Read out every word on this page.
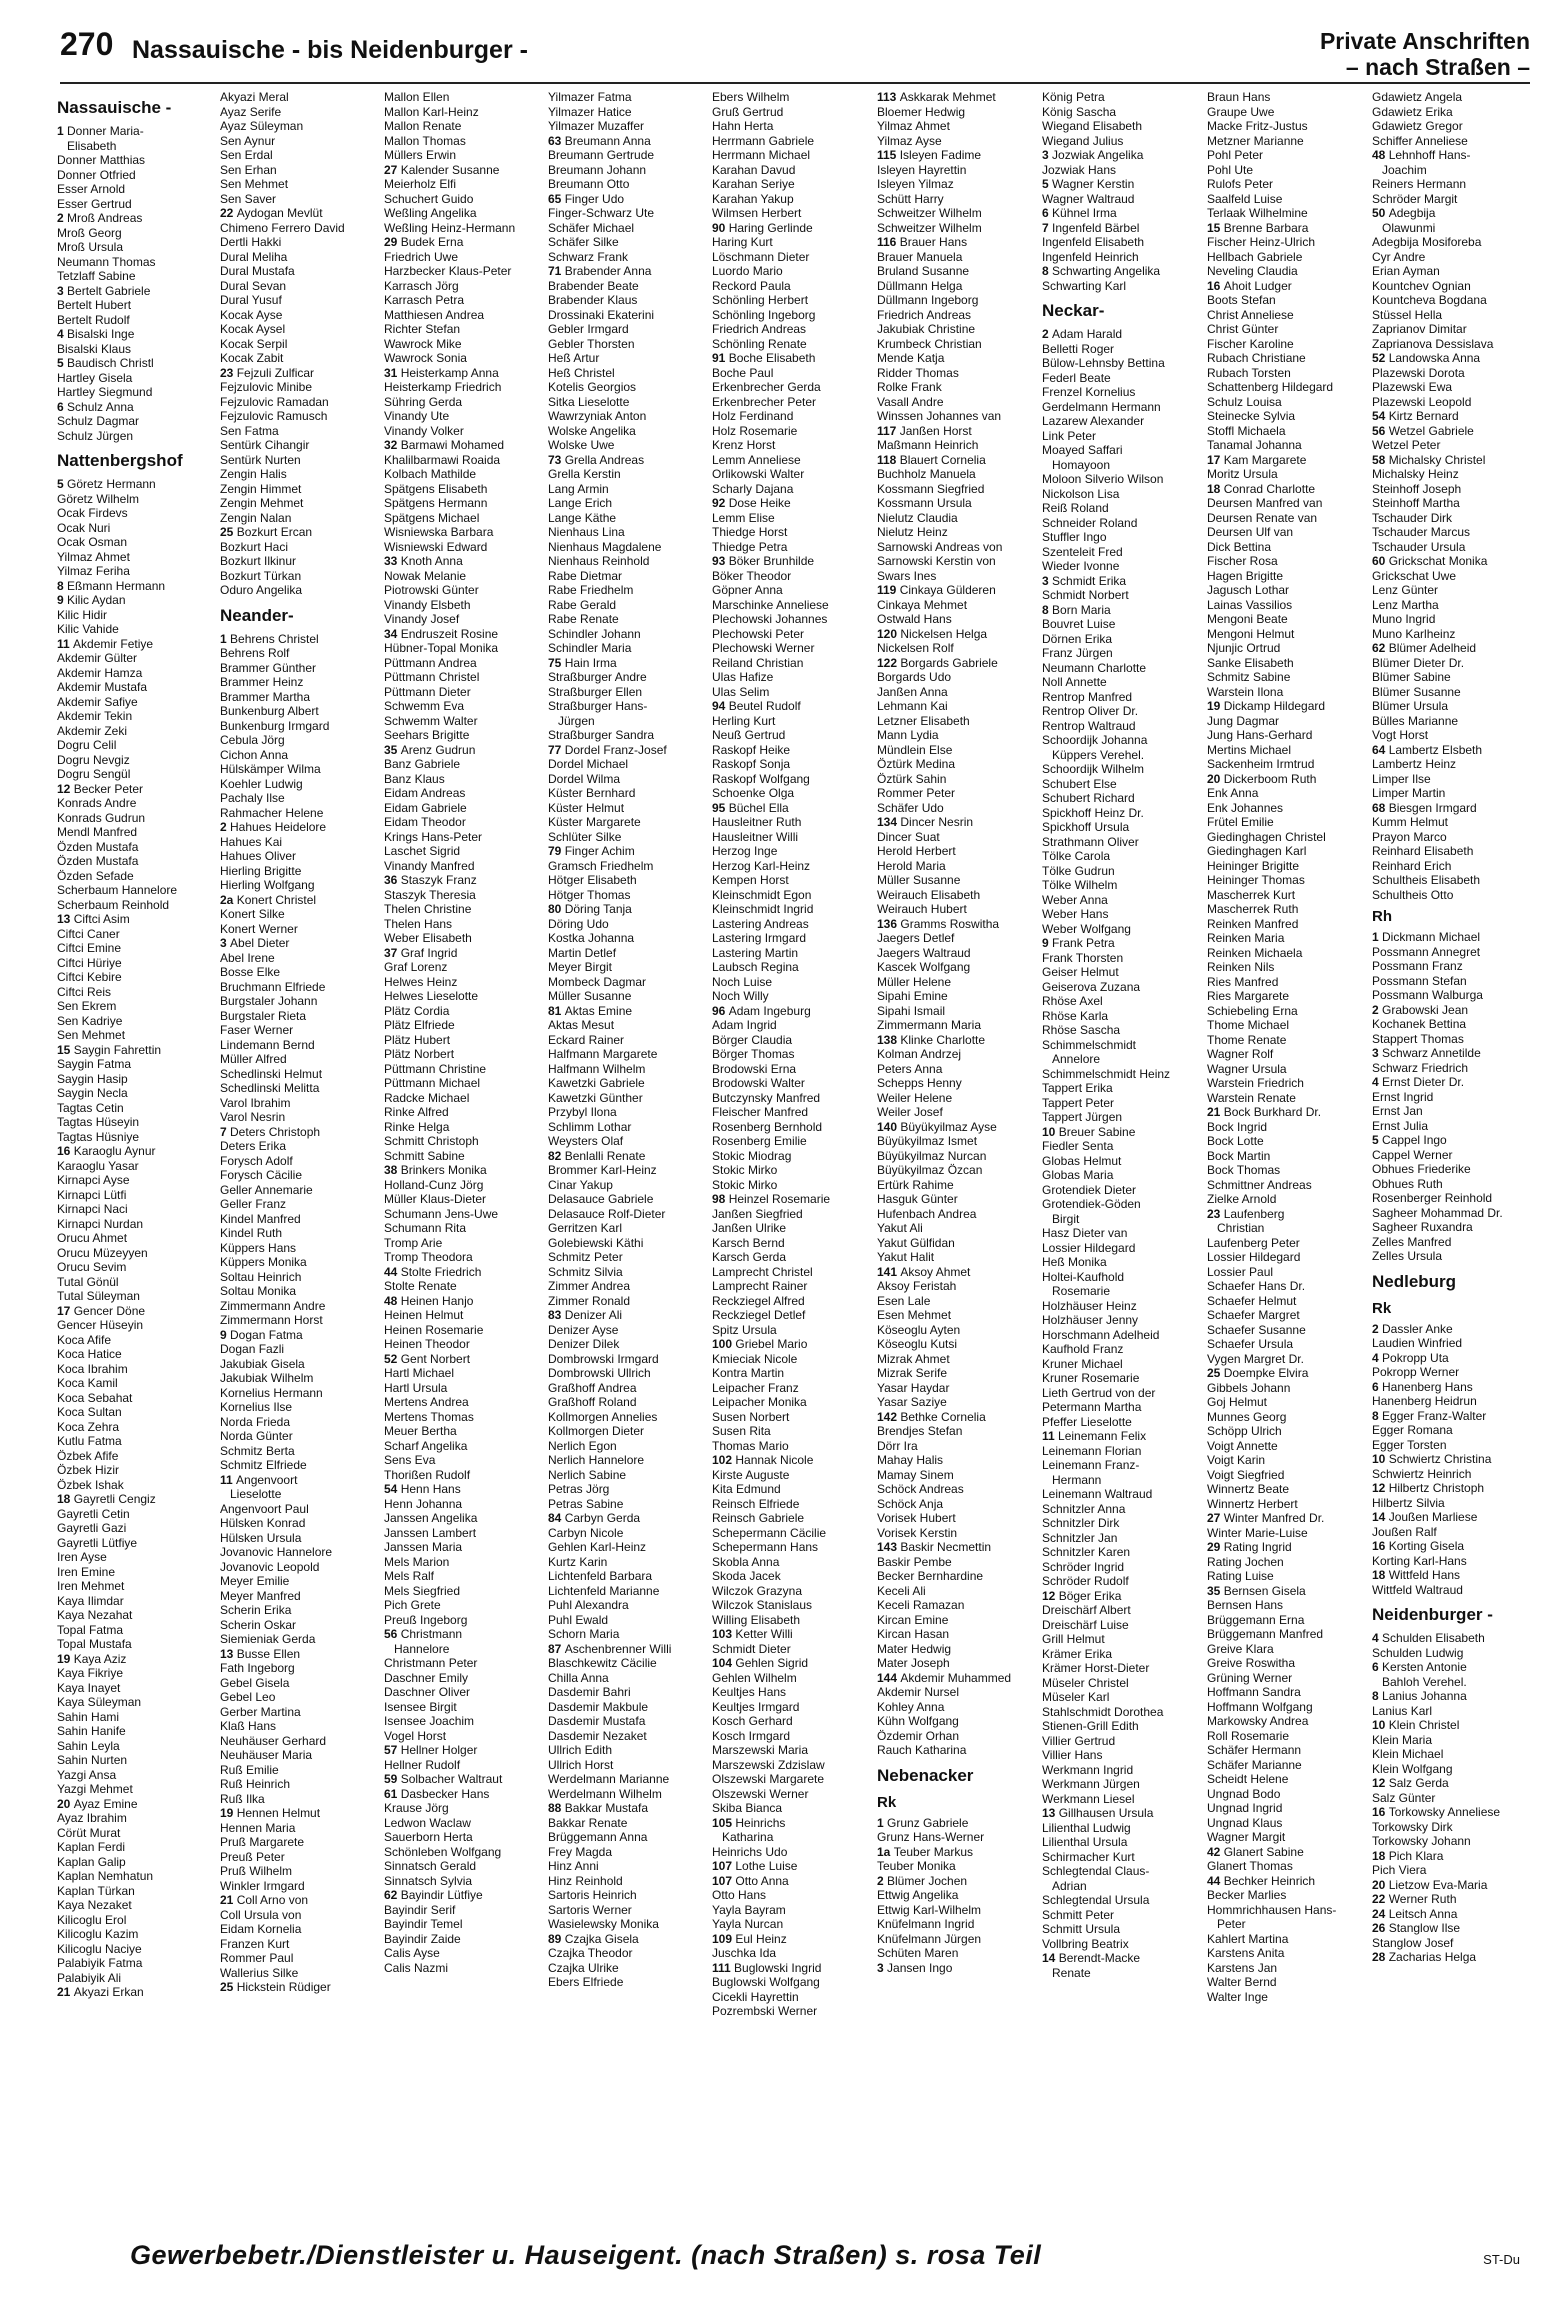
270 Nassauische - bis Neidenburger -	Private Anschriften
– nach Straßen –
Nassauische -
1 Donner Maria-
Elisabeth
Donner Matthias
Donner Otfried
Esser Arnold
Esser Gertrud
2 Mroß Andreas
Mroß Georg
Mroß Ursula
Neumann Thomas
Tetzlaff Sabine
3 Bertelt Gabriele
Bertelt Hubert
Bertelt Rudolf
4 Bisalski Inge
Bisalski Klaus
5 Baudisch Christl
Hartley Gisela
Hartley Siegmund
6 Schulz Anna
Schulz Dagmar
Schulz Jürgen
Nattenbergshof
5 Göretz Hermann
Göretz Wilhelm
Ocak Firdevs
Ocak Nuri
Ocak Osman
Yilmaz Ahmet
Yilmaz Feriha
8 Eßmann Hermann
9 Kilic Aydan
Kilic Hidir
Kilic Vahide
11 Akdemir Fetiye
Akdemir Gülter
Akdemir Hamza
Akdemir Mustafa
Akdemir Safiye
Akdemir Tekin
Akdemir Zeki
Dogru Celil
Dogru Nevgiz
Dogru Sengül
12 Becker Peter
Konrads Andre
Konrads Gudrun
Mendl Manfred
Özden Mustafa
Özden Mustafa
Özden Sefade
Scherbaum Hannelore
Scherbaum Reinhold
13 Ciftci Asim
Ciftci Caner
Ciftci Emine
Ciftci Hüriye
Ciftci Kebire
Ciftci Reis
Sen Ekrem
Sen Kadriye
Sen Mehmet
15 Saygin Fahrettin
Saygin Fatma
Saygin Hasip
Saygin Necla
Tagtas Cetin
Tagtas Hüseyin
Tagtas Hüsniye
16 Karaoglu Aynur
Karaoglu Yasar
Kirnapci Ayse
Kirnapci Lütfi
Kirnapci Naci
Kirnapci Nurdan
Orucu Ahmet
Orucu Müzeyyen
Orucu Sevim
Tutal Gönül
Tutal Süleyman
17 Gencer Döne
Gencer Hüseyin
Koca Afife
Koca Hatice
Koca Ibrahim
Koca Kamil
Koca Sebahat
Koca Sultan
Koca Zehra
Kutlu Fatma
Özbek Afife
Özbek Hizir
Özbek Ishak
18 Gayretli Cengiz
Gayretli Cetin
Gayretli Gazi
Gayretli Lütfiye
Iren Ayse
Iren Emine
Iren Mehmet
Kaya Ilimdar
Kaya Nezahat
Topal Fatma
Topal Mustafa
19 Kaya Aziz
Kaya Fikriye
Kaya Inayet
Kaya Süleyman
Sahin Hami
Sahin Hanife
Sahin Leyla
Sahin Nurten
Yazgi Ansa
Yazgi Mehmet
20 Ayaz Emine
Ayaz Ibrahim
Cörüt Murat
Kaplan Ferdi
Kaplan Galip
Kaplan Nemhatun
Kaplan Türkan
Kaya Nezaket
Kilicoglu Erol
Kilicoglu Kazim
Kilicoglu Naciye
Palabiyik Fatma
Palabiyik Ali
21 Akyazi Erkan
Akyazi Meral
Ayaz Serife
Ayaz Süleyman
Sen Aynur
Sen Erdal
Sen Erhan
Sen Mehmet
Sen Saver
22 Aydogan Mevlüt
Chimeno Ferrero David
Dertli Hakki
Dural Meliha
Dural Mustafa
Dural Sevan
Dural Yusuf
Kocak Ayse
Kocak Aysel
Kocak Serpil
Kocak Zabit
23 Fejzuli Zulficar
Fejzulovic Minibe
Fejzulovic Ramadan
Fejzulovic Ramusch
Sen Fatma
Sentürk Cihangir
Sentürk Nurten
Zengin Halis
Zengin Himmet
Zengin Mehmet
Zengin Nalan
25 Bozkurt Ercan
Bozkurt Haci
Bozkurt Ilkinur
Bozkurt Türkan
Oduro Angelika
Neander-
1 Behrens Christel
Behrens Rolf
Brammer Günther
Brammer Heinz
Brammer Martha
Bunkenburg Albert
Bunkenburg Irmgard
Cebula Jörg
Cichon Anna
Hülskämper Wilma
Koehler Ludwig
Pachaly Ilse
Rahmacher Helene
2 Hahues Heidelore
Hahues Kai
Hahues Oliver
Hierling Brigitte
Hierling Wolfgang
2a Konert Christel
Konert Silke
Konert Werner
3 Abel Dieter
Abel Irene
Bosse Elke
Bruchmann Elfriede
Burgstaler Johann
Burgstaler Rieta
Faser Werner
Lindemann Bernd
Müller Alfred
Schedlinski Helmut
Schedlinski Melitta
Varol Ibrahim
Varol Nesrin
7 Deters Christoph
Deters Erika
Forysch Adolf
Forysch Cäcilie
Geller Annemarie
Geller Franz
Kindel Manfred
Kindel Ruth
Küppers Hans
Küppers Monika
Soltau Heinrich
Soltau Monika
Zimmermann Andre
Zimmermann Horst
9 Dogan Fatma
Dogan Fazli
Jakubiak Gisela
Jakubiak Wilhelm
Kornelius Hermann
Kornelius Ilse
Norda Frieda
Norda Günter
Schmitz Berta
Schmitz Elfriede
11 Angenvoort
Lieselotte
Angenvoort Paul
Hülsken Konrad
Hülsken Ursula
Jovanovic Hannelore
Jovanovic Leopold
Meyer Emilie
Meyer Manfred
Scherin Erika
Scherin Oskar
Siemieniak Gerda
13 Busse Ellen
Fath Ingeborg
Gebel Gisela
Gebel Leo
Gerber Martina
Klaß Hans
Neuhäuser Gerhard
Neuhäuser Maria
Ruß Emilie
Ruß Heinrich
Ruß Ilka
19 Hennen Helmut
Hennen Maria
Pruß Margarete
Preuß Peter
Pruß Wilhelm
Winkler Irmgard
21 Coll Arno von
Coll Ursula von
Eidam Kornelia
Franzen Kurt
Rommer Paul
Wallerius Silke
25 Hickstein Rüdiger
Mallon Ellen
Mallon Karl-Heinz
Mallon Renate
Mallon Thomas
Müllers Erwin
27 Kalender Susanne
Meierholz Elfi
Schuchert Guido
Weßling Angelika
Weßling Heinz-Hermann
29 Budek Erna
Friedrich Uwe
Harzbecker Klaus-Peter
Karrasch Jörg
Karrasch Petra
Matthiesen Andrea
Richter Stefan
Wawrock Mike
Wawrock Sonia
31 Heisterkamp Anna
Heisterkamp Friedrich
Sühring Gerda
Vinandy Ute
Vinandy Volker
32 Barmawi Mohamed
Khalilbarmawi Roaida
Kolbach Mathilde
Spätgens Elisabeth
Spätgens Hermann
Spätgens Michael
Wisniewska Barbara
Wisniewski Edward
33 Knoth Anna
Nowak Melanie
Piotrowski Günter
Vinandy Elsbeth
Vinandy Josef
34 Endruszeit Rosine
Hübner-Topal Monika
Püttmann Andrea
Püttmann Christel
Püttmann Dieter
Schwemm Eva
Schwemm Walter
Seehars Brigitte
35 Arenz Gudrun
Banz Gabriele
Banz Klaus
Eidam Andreas
Eidam Gabriele
Eidam Theodor
Krings Hans-Peter
Laschet Sigrid
Vinandy Manfred
36 Staszyk Franz
Staszyk Theresia
Thelen Christine
Thelen Hans
Weber Elisabeth
37 Graf Ingrid
Graf Lorenz
Helwes Heinz
Helwes Lieselotte
Plätz Cordia
Plätz Elfriede
Plätz Hubert
Plätz Norbert
Püttmann Christine
Püttmann Michael
Radcke Michael
Rinke Alfred
Rinke Helga
Schmitt Christoph
Schmitt Sabine
38 Brinkers Monika
Holland-Cunz Jörg
Müller Klaus-Dieter
Schumann Jens-Uwe
Schumann Rita
Tromp Arie
Tromp Theodora
44 Stolte Friedrich
Stolte Renate
48 Heinen Hanjo
Heinen Helmut
Heinen Rosemarie
Heinen Theodor
52 Gent Norbert
Hartl Michael
Hartl Ursula
Mertens Andrea
Mertens Thomas
Meuer Bertha
Scharf Angelika
Sens Eva
Thorißen Rudolf
54 Henn Hans
Henn Johanna
Janssen Angelika
Janssen Lambert
Janssen Maria
Mels Marion
Mels Ralf
Mels Siegfried
Pich Grete
Preuß Ingeborg
56 Christmann
Hannelore
Christmann Peter
Daschner Emily
Daschner Oliver
Isensee Birgit
Isensee Joachim
Vogel Horst
57 Hellner Holger
Hellner Rudolf
59 Solbacher Waltraut
61 Dasbecker Hans
Krause Jörg
Ledwon Waclaw
Sauerborn Herta
Schönleben Wolfgang
Sinnatsch Gerald
Sinnatsch Sylvia
62 Bayindir Lütfiye
Bayindir Serif
Bayindir Temel
Bayindir Zaide
Calis Ayse
Calis Nazmi
Yilmazer Fatma
Yilmazer Hatice
Yilmazer Muzaffer
63 Breumann Anna
Breumann Gertrude
Breumann Johann
Breumann Otto
65 Finger Udo
Finger-Schwarz Ute
Schäfer Michael
Schäfer Silke
Schwarz Frank
71 Brabender Anna
Brabender Beate
Brabender Klaus
Drossinaki Ekaterini
Gebler Irmgard
Gebler Thorsten
Heß Artur
Heß Christel
Kotelis Georgios
Sitka Lieselotte
Wawrzyniak Anton
Wolske Angelika
Wolske Uwe
73 Grella Andreas
Grella Kerstin
Lang Armin
Lange Erich
Lange Käthe
Nienhaus Lina
Nienhaus Magdalene
Nienhaus Reinhold
Rabe Dietmar
Rabe Friedhelm
Rabe Gerald
Rabe Renate
Schindler Johann
Schindler Maria
75 Hain Irma
Straßburger Andre
Straßburger Ellen
Straßburger Hans-
Jürgen
Straßburger Sandra
77 Dordel Franz-Josef
Dordel Michael
Dordel Wilma
Küster Bernhard
Küster Helmut
Küster Margarete
Schlüter Silke
79 Finger Achim
Gramsch Friedhelm
Hötger Elisabeth
Hötger Thomas
80 Döring Tanja
Döring Udo
Kostka Johanna
Martin Detlef
Meyer Birgit
Mombeck Dagmar
Müller Susanne
81 Aktas Emine
Aktas Mesut
Eckard Rainer
Halfmann Margarete
Halfmann Wilhelm
Kawetzki Gabriele
Kawetzki Günther
Przybyl Ilona
Schlimm Lothar
Weysters Olaf
82 Benlalli Renate
Brommer Karl-Heinz
Cinar Yakup
Delasauce Gabriele
Delasauce Rolf-Dieter
Gerritzen Karl
Golebiewski Käthi
Schmitz Peter
Schmitz Silvia
Zimmer Andrea
Zimmer Ronald
83 Denizer Ali
Denizer Ayse
Denizer Dilek
Dombrowski Irmgard
Dombrowski Ullrich
Graßhoff Andrea
Graßhoff Roland
Kollmorgen Annelies
Kollmorgen Dieter
Nerlich Egon
Nerlich Hannelore
Nerlich Sabine
Petras Jörg
Petras Sabine
84 Carbyn Gerda
Carbyn Nicole
Gehlen Karl-Heinz
Kurtz Karin
Lichtenfeld Barbara
Lichtenfeld Marianne
Puhl Alexandra
Puhl Ewald
Schorn Maria
87 Aschenbrenner Willi
Blaschkewitz Cäcilie
Chilla Anna
Dasdemir Bahri
Dasdemir Makbule
Dasdemir Mustafa
Dasdemir Nezaket
Ullrich Edith
Ullrich Horst
Werdelmann Marianne
Werdelmann Wilhelm
88 Bakkar Mustafa
Bakkar Renate
Brüggemann Anna
Frey Magda
Hinz Anni
Hinz Reinhold
Sartoris Heinrich
Sartoris Werner
Wasielewsky Monika
89 Czajka Gisela
Czajka Theodor
Czajka Ulrike
Ebers Elfriede
Ebers Wilhelm
Gruß Gertrud
Hahn Herta
Herrmann Gabriele
Herrmann Michael
Karahan Davud
Karahan Seriye
Karahan Yakup
Wilmsen Herbert
90 Haring Gerlinde
Haring Kurt
Löschmann Dieter
Luordo Mario
Reckord Paula
Schönling Herbert
Schönling Ingeborg
Friedrich Andreas
Schönling Renate
91 Boche Elisabeth
Boche Paul
Erkenbrecher Gerda
Erkenbrecher Peter
Holz Ferdinand
Holz Rosemarie
Krenz Horst
Lemm Anneliese
Orlikowski Walter
Scharly Dajana
92 Dose Heike
Lemm Elise
Thiedge Horst
Thiedge Petra
93 Böker Brunhilde
Böker Theodor
Göpner Anna
Marschinke Anneliese
Plechowski Johannes
Plechowski Peter
Plechowski Werner
Reiland Christian
Ulas Hafize
Ulas Selim
94 Beutel Rudolf
Herling Kurt
Neuß Gertrud
Raskopf Heike
Raskopf Sonja
Raskopf Wolfgang
Schoenke Olga
95 Büchel Ella
Hausleitner Ruth
Hausleitner Willi
Herzog Inge
Herzog Karl-Heinz
Kempen Horst
Kleinschmidt Egon
Kleinschmidt Ingrid
Lastering Andreas
Lastering Irmgard
Lastering Martin
Laubsch Regina
Noch Luise
Noch Willy
96 Adam Ingeburg
Adam Ingrid
Börger Claudia
Börger Thomas
Brodowski Erna
Brodowski Walter
Butczynsky Manfred
Fleischer Manfred
Rosenberg Bernhold
Rosenberg Emilie
Stokic Miodrag
Stokic Mirko
Stokic Mirko
98 Heinzel Rosemarie
Janßen Siegfried
Janßen Ulrike
Karsch Bernd
Karsch Gerda
Lamprecht Christel
Lamprecht Rainer
Reckziegel Alfred
Reckziegel Detlef
Spitz Ursula
100 Griebel Mario
Kmieciak Nicole
Kontra Martin
Leipacher Franz
Leipacher Monika
Susen Norbert
Susen Rita
Thomas Mario
102 Hannak Nicole
Kirste Auguste
Kita Edmund
Reinsch Elfriede
Reinsch Gabriele
Schepermann Cäcilie
Schepermann Hans
Skobla Anna
Skoda Jacek
Wilczok Grazyna
Wilczok Stanislaus
Willing Elisabeth
103 Ketter Willi
Schmidt Dieter
104 Gehlen Sigrid
Gehlen Wilhelm
Keultjes Hans
Keultjes Irmgard
Kosch Gerhard
Kosch Irmgard
Marszewski Maria
Marszewski Zdzislaw
Olszewski Margarete
Olszewski Werner
Skiba Bianca
105 Heinrichs
Katharina
Heinrichs Udo
107 Lothe Luise
107 Otto Anna
Otto Hans
Yayla Bayram
Yayla Nurcan
109 Eul Heinz
Juschka Ida
111 Buglowski Ingrid
Buglowski Wolfgang
Cicekli Hayrettin
Pozrembski Werner
113 Askkarak Mehmet
Bloemer Hedwig
Yilmaz Ahmet
Yilmaz Ayse
115 Isleyen Fadime
Isleyen Hayrettin
Isleyen Yilmaz
Schütt Harry
Schweitzer Wilhelm
Schweitzer Wilhelm
116 Brauer Hans
Brauer Manuela
Bruland Susanne
Düllmann Helga
Düllmann Ingeborg
Friedrich Andreas
Jakubiak Christine
Krumbeck Christian
Mende Katja
Ridder Thomas
Rolke Frank
Vasall Andre
Winssen Johannes van
117 Janßen Horst
Maßmann Heinrich
118 Blauert Cornelia
Buchholz Manuela
Kossmann Siegfried
Kossmann Ursula
Nielutz Claudia
Nielutz Heinz
Sarnowski Andreas von
Sarnowski Kerstin von
Swars Ines
119 Cinkaya Gülderen
Cinkaya Mehmet
Ostwald Hans
120 Nickelsen Helga
Nickelsen Rolf
122 Borgards Gabriele
Borgards Udo
Janßen Anna
Lehmann Kai
Letzner Elisabeth
Mann Lydia
Mündlein Else
Öztürk Medina
Öztürk Sahin
Rommer Peter
Schäfer Udo
134 Dincer Nesrin
Dincer Suat
Herold Herbert
Herold Maria
Müller Susanne
Weirauch Elisabeth
Weirauch Hubert
136 Gramms Roswitha
Jaegers Detlef
Jaegers Waltraud
Kascek Wolfgang
Müller Helene
Sipahi Emine
Sipahi Ismail
Zimmermann Maria
138 Klinke Charlotte
Kolman Andrzej
Peters Anna
Schepps Henny
Weiler Helene
Weiler Josef
140 Büyükyilmaz Ayse
Büyükyilmaz Ismet
Büyükyilmaz Nurcan
Büyükyilmaz Özcan
Ertürk Rahime
Hasguk Günter
Hufenbach Andrea
Yakut Ali
Yakut Gülfidan
Yakut Halit
141 Aksoy Ahmet
Aksoy Feristah
Esen Lale
Esen Mehmet
Köseoglu Ayten
Köseoglu Kutsi
Mizrak Ahmet
Mizrak Serife
Yasar Haydar
Yasar Saziye
142 Bethke Cornelia
Brendjes Stefan
Dörr Ira
Mahay Halis
Mamay Sinem
Schöck Andreas
Schöck Anja
Vorisek Hubert
Vorisek Kerstin
143 Baskir Necmettin
Baskir Pembe
Becker Bernhardine
Keceli Ali
Keceli Ramazan
Kircan Emine
Kircan Hasan
Mater Hedwig
Mater Joseph
144 Akdemir Muhammed
Akdemir Nursel
Kohley Anna
Kühn Wolfgang
Özdemir Orhan
Rauch Katharina
Nebenacker
Rk
1 Grunz Gabriele
Grunz Hans-Werner
1a Teuber Markus
Teuber Monika
2 Blümer Jochen
Ettwig Angelika
Ettwig Karl-Wilhelm
Knüfelmann Ingrid
Knüfelmann Jürgen
Schüten Maren
3 Jansen Ingo
König Petra
König Sascha
Wiegand Elisabeth
Wiegand Julius
3 Jozwiak Angelika
Jozwiak Hans
5 Wagner Kerstin
Wagner Waltraud
6 Kühnel Irma
7 Ingenfeld Bärbel
Ingenfeld Elisabeth
Ingenfeld Heinrich
8 Schwarting Angelika
Schwarting Karl
Neckar-
2 Adam Harald
Belletti Roger
Bülow-Lehnsby Bettina
Federl Beate
Frenzel Kornelius
Gerdelmann Hermann
Lazarew Alexander
Link Peter
Moayed Saffari
Homayoon
Moloon Silverio Wilson
Nickolson Lisa
Reiß Roland
Schneider Roland
Stuffler Ingo
Szenteleit Fred
Wieder Ivonne
3 Schmidt Erika
Schmidt Norbert
8 Born Maria
Bouvret Luise
Dörnen Erika
Franz Jürgen
Neumann Charlotte
Noll Annette
Rentrop Manfred
Rentrop Oliver Dr.
Rentrop Waltraud
Schoordijk Johanna
Küppers Verehel.
Schoordijk Wilhelm
Schubert Else
Schubert Richard
Spickhoff Heinz Dr.
Spickhoff Ursula
Strathmann Oliver
Tölke Carola
Tölke Gudrun
Tölke Wilhelm
Weber Anna
Weber Hans
Weber Wolfgang
9 Frank Petra
Frank Thorsten
Geiser Helmut
Geiserova Zuzana
Rhöse Axel
Rhöse Karla
Rhöse Sascha
Schimmelschmidt
Annelore
Schimmelschmidt Heinz
Tappert Erika
Tappert Peter
Tappert Jürgen
10 Breuer Sabine
Fiedler Senta
Globas Helmut
Globas Maria
Grotendiek Dieter
Grotendiek-Göden
Birgit
Hasz Dieter van
Lossier Hildegard
Heß Monika
Holtei-Kaufhold
Rosemarie
Holzhäuser Heinz
Holzhäuser Jenny
Horschmann Adelheid
Kaufhold Franz
Kruner Michael
Kruner Rosemarie
Lieth Gertrud von der
Petermann Martha
Pfeffer Lieselotte
11 Leinemann Felix
Leinemann Florian
Leinemann Franz-
Hermann
Leinemann Waltraud
Schnitzler Anna
Schnitzler Dirk
Schnitzler Jan
Schnitzler Karen
Schröder Ingrid
Schröder Rudolf
12 Böger Erika
Dreischärf Albert
Dreischärf Luise
Grill Helmut
Krämer Erika
Krämer Horst-Dieter
Müseler Christel
Müseler Karl
Stahlschmidt Dorothea
Stienen-Grill Edith
Villier Gertrud
Villier Hans
Werkmann Ingrid
Werkmann Jürgen
Werkmann Liesel
13 Gillhausen Ursula
Lilienthal Ludwig
Lilienthal Ursula
Schirmacher Kurt
Schlegtendal Claus-
Adrian
Schlegtendal Ursula
Schmitt Peter
Schmitt Ursula
Vollbring Beatrix
14 Berendt-Macke
Renate
Braun Hans
Graupe Uwe
Macke Fritz-Justus
Metzner Marianne
Pohl Peter
Pohl Ute
Rulofs Peter
Saalfeld Luise
Terlaak Wilhelmine
15 Brenne Barbara
Fischer Heinz-Ulrich
Hellbach Gabriele
Neveling Claudia
16 Ahoit Ludger
Boots Stefan
Christ Anneliese
Christ Günter
Fischer Karoline
Rubach Christiane
Rubach Torsten
Schattenberg Hildegard
Schulz Louisa
Steinecke Sylvia
Stoffl Michaela
Tanamal Johanna
17 Kam Margarete
Moritz Ursula
18 Conrad Charlotte
Deursen Manfred van
Deursen Renate van
Deursen Ulf van
Dick Bettina
Fischer Rosa
Hagen Brigitte
Jagusch Lothar
Lainas Vassilios
Mengoni Beate
Mengoni Helmut
Njunjic Ortrud
Sanke Elisabeth
Schmitz Sabine
Warstein Ilona
19 Dickamp Hildegard
Jung Dagmar
Jung Hans-Gerhard
Mertins Michael
Sackenheim Irmtrud
20 Dickerboom Ruth
Enk Anna
Enk Johannes
Frütel Emilie
Giedinghagen Christel
Giedinghagen Karl
Heininger Brigitte
Heininger Thomas
Mascherrek Kurt
Mascherrek Ruth
Reinken Manfred
Reinken Maria
Reinken Michaela
Reinken Nils
Ries Manfred
Ries Margarete
Schiebeling Erna
Thome Michael
Thome Renate
Wagner Rolf
Wagner Ursula
Warstein Friedrich
Warstein Renate
21 Bock Burkhard Dr.
Bock Ingrid
Bock Lotte
Bock Martin
Bock Thomas
Schmittner Andreas
Zielke Arnold
23 Laufenberg
Christian
Laufenberg Peter
Lossier Hildegard
Lossier Paul
Schaefer Hans Dr.
Schaefer Helmut
Schaefer Margret
Schaefer Susanne
Schaefer Ursula
Vygen Margret Dr.
25 Doempke Elvira
Gibbels Johann
Goj Helmut
Munnes Georg
Schöpp Ulrich
Voigt Annette
Voigt Karin
Voigt Siegfried
Winnertz Beate
Winnertz Herbert
27 Winter Manfred Dr.
Winter Marie-Luise
29 Rating Ingrid
Rating Jochen
Rating Luise
35 Bernsen Gisela
Bernsen Hans
Brüggemann Erna
Brüggemann Manfred
Greive Klara
Greive Roswitha
Grüning Werner
Hoffmann Sandra
Hoffmann Wolfgang
Markowsky Andrea
Roll Rosemarie
Schäfer Hermann
Schäfer Marianne
Scheidt Helene
Ungnad Bodo
Ungnad Ingrid
Ungnad Klaus
Wagner Margit
42 Glanert Sabine
Glanert Thomas
44 Bechker Heinrich
Becker Marlies
Hommrichhausen Hans-
Peter
Kahlert Martina
Karstens Anita
Karstens Jan
Walter Bernd
Walter Inge
Gdawietz Angela
Gdawietz Erika
Gdawietz Gregor
Schiffer Anneliese
48 Lehnhoff Hans-
Joachim
Reiners Hermann
Schröder Margit
50 Adegbija
Olawunmi
Adegbija Mosiforeba
Cyr Andre
Erian Ayman
Kountchev Ognian
Kountcheva Bogdana
Stüssel Hella
Zaprianov Dimitar
Zaprianova Dessislava
52 Landowska Anna
Plazewski Dorota
Plazewski Ewa
Plazewski Leopold
54 Kirtz Bernard
56 Wetzel Gabriele
Wetzel Peter
58 Michalsky Christel
Michalsky Heinz
Steinhoff Joseph
Steinhoff Martha
Tschauder Dirk
Tschauder Marcus
Tschauder Ursula
60 Grickschat Monika
Grickschat Uwe
Lenz Günter
Lenz Martha
Muno Ingrid
Muno Karlheinz
62 Blümer Adelheid
Blümer Dieter Dr.
Blümer Sabine
Blümer Susanne
Blümer Ursula
Bülles Marianne
Vogt Horst
64 Lambertz Elsbeth
Lambertz Heinz
Limper Ilse
Limper Martin
68 Biesgen Irmgard
Kumm Helmut
Prayon Marco
Reinhard Elisabeth
Reinhard Erich
Schultheis Elisabeth
Schultheis Otto
Rh
1 Dickmann Michael
Possmann Annegret
Possmann Franz
Possmann Stefan
Possmann Walburga
2 Grabowski Jean
Kochanek Bettina
Stappert Thomas
3 Schwarz Annetilde
Schwarz Friedrich
4 Ernst Dieter Dr.
Ernst Ingrid
Ernst Jan
Ernst Julia
5 Cappel Ingo
Cappel Werner
Obhues Friederike
Obhues Ruth
Rosenberger Reinhold
Sagheer Mohammad Dr.
Sagheer Ruxandra
Zelles Manfred
Zelles Ursula
Nedleburg
Rk
2 Dassler Anke
Laudien Winfried
4 Pokropp Uta
Pokropp Werner
6 Hanenberg Hans
Hanenberg Heidrun
8 Egger Franz-Walter
Egger Romana
Egger Torsten
10 Schwiertz Christina
Schwiertz Heinrich
12 Hilbertz Christoph
Hilbertz Silvia
14 Joußen Marliese
Joußen Ralf
16 Korting Gisela
Korting Karl-Hans
18 Wittfeld Hans
Wittfeld Waltraud
Neidenburger -
4 Schulden Elisabeth
Schulden Ludwig
6 Kersten Antonie
Bahloh Verehel.
8 Lanius Johanna
Lanius Karl
10 Klein Christel
Klein Maria
Klein Michael
Klein Wolfgang
12 Salz Gerda
Salz Günter
16 Torkowsky Anneliese
Torkowsky Dirk
Torkowsky Johann
18 Pich Klara
Pich Viera
20 Lietzow Eva-Maria
22 Werner Ruth
24 Leitsch Anna
26 Stanglow Ilse
Stanglow Josef
28 Zacharias Helga
Gewerbebetr./Dienstleister u. Hauseigent. (nach Straßen) s. rosa Teil	ST-Du
